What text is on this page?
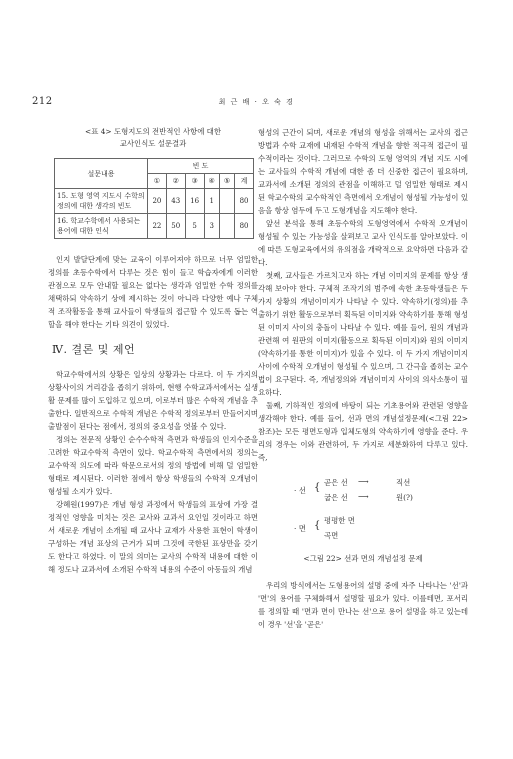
212	최 근 배 · 오 숙 경
<표 4> 도형지도의 전반적인 사항에 대한
교사인식도 설문결과
설문내용	빈 도					
	①	②	③	④	⑤	계
15. 도형 영역 지도시 수학의 정의에 대한 생각의 빈도	20	43	16	1		80
16. 학교수학에서 사용되는 용어에 대한 인식	22	50	5	3		80

인지 발달단계에 맞는 교육이 이루어져야 하므로 너무 엄밀한 정의를 초등수학에서 다루는 것은 힘이 들고 학습자에게 이러한 관점으로 모두 안내할 필요는 없다는 생각과 엄밀한 수학 정의를 채택하되 약속하기 상에 제시하는 것이 아니라 다양한 예나 구체적 조작활동을 통해 교사들이 학생들의 접근할 수 있도록 돕는 역할을 해야 한다는 기타 의견이 있었다.

Ⅳ. 결론 및 제언

학교수학에서의 상황은 일상의 상황과는 다르다. 이 두 가지의 상황사이의 거리감을 좁히기 위하여, 현행 수학교과서에서는 실생활 문제를 많이 도입하고 있으며, 이로부터 많은 수학적 개념을 추출한다. 일반적으로 수학적 개념은 수학적 정의로부터 만들어지며 출발점이 된다는 점에서, 정의의 중요성을 엿볼 수 있다.

정의는 전문적 상황인 순수수학적 측면과 학생들의 인지수준을 고려한 학교수학적 측면이 있다. 학교수학적 측면에서의 정의는 교수학적 의도에 따라 학문으로서의 정의 방법에 비해 덜 엄밀한 형태로 제시된다. 이러한 점에서 항상 학생들의 수학적 오개념이 형성될 소지가 있다.

강혜원(1997)은 개념 형성 과정에서 학생들의 표상에 가장 결정적인 영향을 미치는 것은 교사와 교과서 요인일 것이라고 하면서 새로운 개념이 소개될 때 교사나 교재가 사용한 표현이 학생이 구성하는 개념 표상의 근거가 되며 그것에 국한된 표상만을 갖기도 한다고 하였다. 이 말의 의미는 교사의 수학적 내용에 대한 이해 정도나 교과서에 소개된 수학적 내용의 수준이 아동들의 개념

형성의 근간이 되며, 새로운 개념의 형성을 위해서는 교사의 접근 방법과 수학 교재에 내재된 수학적 개념을 향한 적극적 접근이 필수적이라는 것이다. 그러므로 수학의 도형 영역의 개념 지도 시에는 교사들의 수학적 개념에 대한 좀 더 신중한 접근이 필요하며, 교과서에 소개된 정의의 관점을 이해하고 덜 엄밀한 형태로 제시된 학교수학의 교수학적인 측면에서 오개념이 형성될 가능성이 있음을 항상 염두에 두고 도형개념을 지도해야 한다.

앞선 분석을 통해 초등수학의 도형영역에서 수학적 오개념이 형성될 수 있는 가능성을 살펴보고 교사 인식도를 알아보았다. 이에 따른 도형교육에서의 유의점을 개략적으로 요약하면 다음과 같다.

첫째, 교사들은 가르치고자 하는 개념 이미지의 문제를 항상 생각해 보아야 한다. 구체적 조작기의 범주에 속한 초등학생들은 두 가지 상황의 개념이미지가 나타날 수 있다. 약속하기(정의)를 추출하기 위한 활동으로부터 획득된 이미지와 약속하기를 통해 형성된 이미지 사이의 충돌이 나타날 수 있다. 예를 들어, 원의 개념과 관련해 여 원판의 이미지(활동으로 획득된 이미지)와 원의 이미지(약속하기를 통한 이미지)가 있을 수 있다. 이 두 가지 개념이미지 사이에 수학적 오개념이 형성될 수 있으며, 그 간극을 좁히는 교수법이 요구된다. 즉, 개념정의와 개념이미지 사이의 의사소통이 필요하다.

둘째, 기하적인 정의에 바탕이 되는 기초용어와 관련된 영향을 생각해야 한다. 예를 들어, 선과 면의 개념설정문제(<그림 22> 참조)는 모든 평면도형과 입체도형의 약속하기에 영향을 준다. 우리의 경우는 이와 관련하여, 두 가지로 세분화하여 다루고 있다. 즉,

{
· 선
곧은 선 ⟶	직선
굽은 선 ⟶	원(?)
{
· 면
평평한 면
곡면
<그림 22> 선과 면의 개념설정 문제

우리의 방식에서는 도형용어의 설명 중에 자주 나타나는 '선'과 '면'의 용어를 구체화해서 설명할 필요가 있다. 이를테면, 포서리를 정의할 때 '면과 면이 만나는 선'으로 용어 설명을 하고 있는데 이 경우 '선'을 '곧은'
